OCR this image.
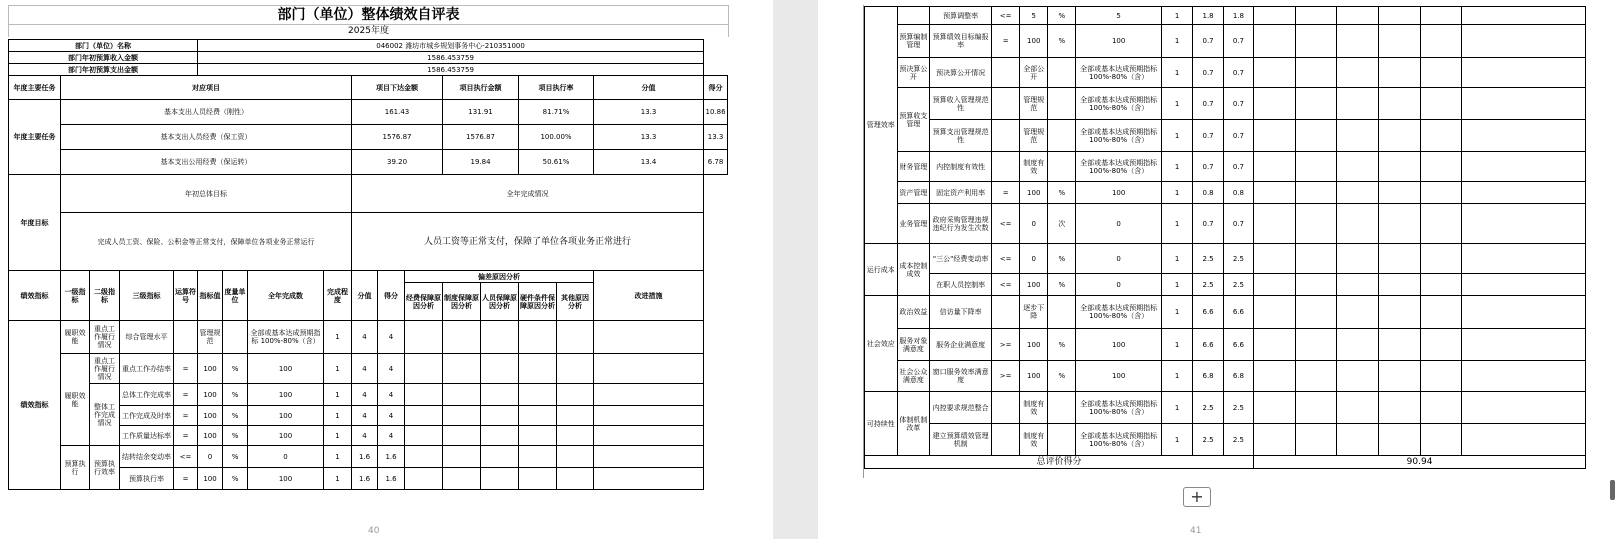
部门（单位）整体绩效自评表
2025年度
部门（单位）名称					046002 潍坊市城乡规划事务中心-210351000												
部门年初预算收入金额					1586.453759												
部门年初预算支出金额					1586.453759												
年度主要任务	对应项目								项目下达金额			项目执行金额		项目执行率		分值	得分
年度主要任务	基本支出人员经费（刚性）								161.43			131.91		81.71%		13.3	10.86
	基本支出人员经费（保工资）								1576.87			1576.87		100.00%		13.3	13.3
	基本支出公用经费（保运转）								39.20			19.84		50.61%		13.4	6.78
年度目标	年初总体目标								全年完成情况								
	完成人员工资、保险、公积金等正常支付，保障单位各项业务正常运行								人员工资等正常支付，保障了单位各项业务正常进行								
绩效指标	一级指标	二级指标	三级指标	运算符号	指标值	度量单位	全年完成数	完成程度	分值	得分	偏差原因分析					改进措施	
											经费保障原因分析	制度保障原因分析	人员保障原因分析	硬件条件保障原因分析	其他原因分析		
绩效指标	履职效能	重点工作履行情况	综合管理水平		管理规范		全部或基本达成预期指标 100%-80%（含）	1	4	4							
	履职效能	重点工作履行情况	重点工作办结率	=	100	%	100	1	4	4							
		整体工作完成情况	总体工作完成率	=	100	%	100	1	4	4							
			工作完成及时率	=	100	%	100	1	4	4							
			工作质量达标率	=	100	%	100	1	4	4							
	预算执行	预算执行效率	结转结余变动率	<=	0	%	0	1	1.6	1.6							
			预算执行率	=	100	%	100	1	1.6	1.6							
40
管理效率		预算调整率	<=	5	%	5	1	1.8	1.8						
	预算编制管理	预算绩效目标编报率	=	100	%	100	1	0.7	0.7						
	预决算公开	预决算公开情况		全部公开		全部或基本达成预期指标 100%-80%（含）	1	0.7	0.7						
	预算收支管理	预算收入管理规范性		管理规范		全部或基本达成预期指标 100%-80%（含）	1	0.7	0.7						
		预算支出管理规范性		管理规范		全部或基本达成预期指标 100%-80%（含）	1	0.7	0.7						
	财务管理	内控制度有效性		制度有效		全部或基本达成预期指标 100%-80%（含）	1	0.7	0.7						
	资产管理	固定资产利用率	=	100	%	100	1	0.8	0.8						
	业务管理	政府采购管理违规违纪行为发生次数	<=	0	次	0	1	0.7	0.7						
运行成本	成本控制成效	"三公"经费变动率	<=	0	%	0	1	2.5	2.5						
		在职人员控制率	<=	100	%	0	1	2.5	2.5						
社会效应	政治效益	信访量下降率		逐步下降		全部或基本达成预期指标 100%-80%（含）	1	6.6	6.6						
	服务对象满意度	服务企业满意度	>=	100	%	100	1	6.6	6.6						
	社会公众满意度	窗口服务效率满意度	>=	100	%	100	1	6.8	6.8						
可持续性	体制机制改革	内控要求规范整合		制度有效		全部或基本达成预期指标 100%-80%（含）	1	2.5	2.5						
		建立预算绩效管理机制		制度有效		全部或基本达成预期指标 100%-80%（含）	1	2.5	2.5						
总评价得分										90.94					
+
41
